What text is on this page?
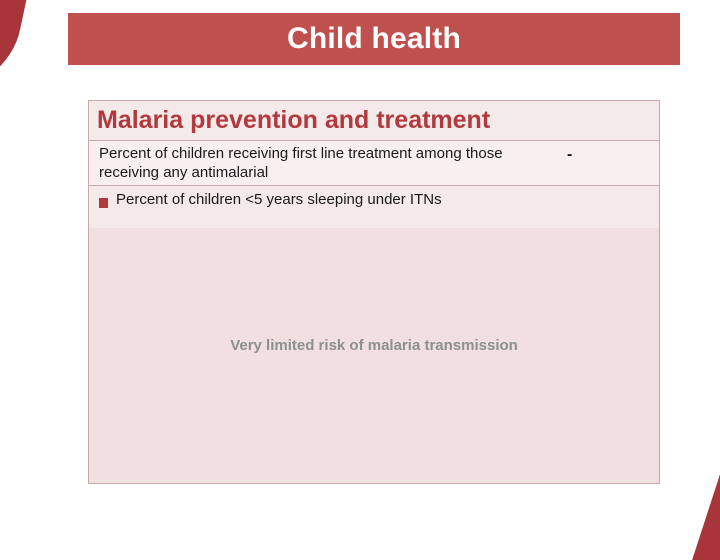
Child health
Malaria prevention and treatment
Percent of children receiving first line treatment among those receiving any antimalarial
-
Percent of children <5 years sleeping under ITNs
Very limited risk of malaria transmission
